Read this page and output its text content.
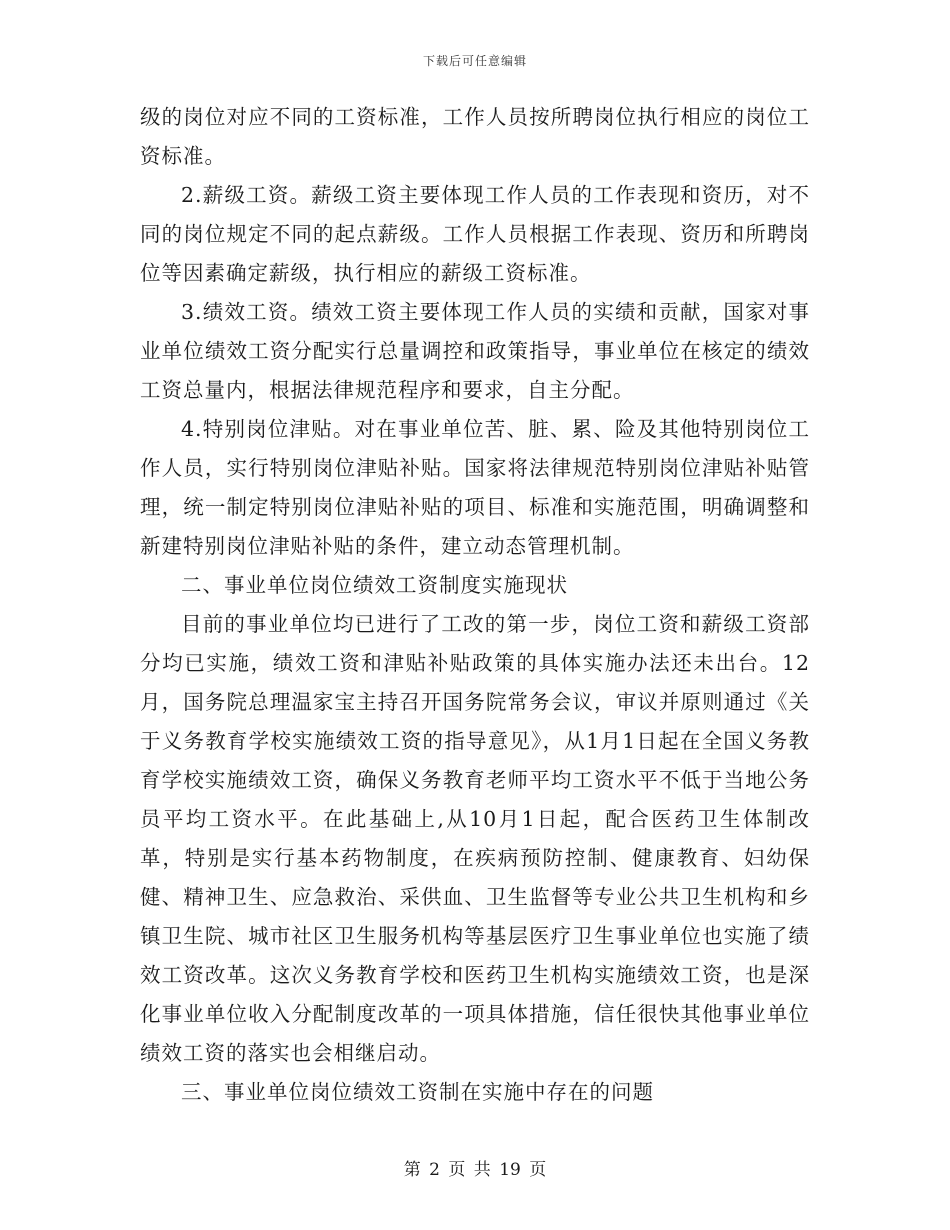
下载后可任意编辑

级的岗位对应不同的工资标准，工作人员按所聘岗位执行相应的岗位工资标准。

2.薪级工资。薪级工资主要体现工作人员的工作表现和资历，对不同的岗位规定不同的起点薪级。工作人员根据工作表现、资历和所聘岗位等因素确定薪级，执行相应的薪级工资标准。

3.绩效工资。绩效工资主要体现工作人员的实绩和贡献，国家对事业单位绩效工资分配实行总量调控和政策指导，事业单位在核定的绩效工资总量内，根据法律规范程序和要求，自主分配。

4.特别岗位津贴。对在事业单位苦、脏、累、险及其他特别岗位工作人员，实行特别岗位津贴补贴。国家将法律规范特别岗位津贴补贴管理，统一制定特别岗位津贴补贴的项目、标准和实施范围，明确调整和新建特别岗位津贴补贴的条件，建立动态管理机制。

二、事业单位岗位绩效工资制度实施现状

目前的事业单位均已进行了工改的第一步，岗位工资和薪级工资部分均已实施，绩效工资和津贴补贴政策的具体实施办法还未出台。12月，国务院总理温家宝主持召开国务院常务会议，审议并原则通过《关于义务教育学校实施绩效工资的指导意见》，从1月1日起在全国义务教育学校实施绩效工资，确保义务教育老师平均工资水平不低于当地公务员平均工资水平。在此基础上,从10月1日起，配合医药卫生体制改革，特别是实行基本药物制度，在疾病预防控制、健康教育、妇幼保健、精神卫生、应急救治、采供血、卫生监督等专业公共卫生机构和乡镇卫生院、城市社区卫生服务机构等基层医疗卫生事业单位也实施了绩效工资改革。这次义务教育学校和医药卫生机构实施绩效工资，也是深化事业单位收入分配制度改革的一项具体措施，信任很快其他事业单位绩效工资的落实也会相继启动。

三、事业单位岗位绩效工资制在实施中存在的问题

第 2 页 共 19 页
